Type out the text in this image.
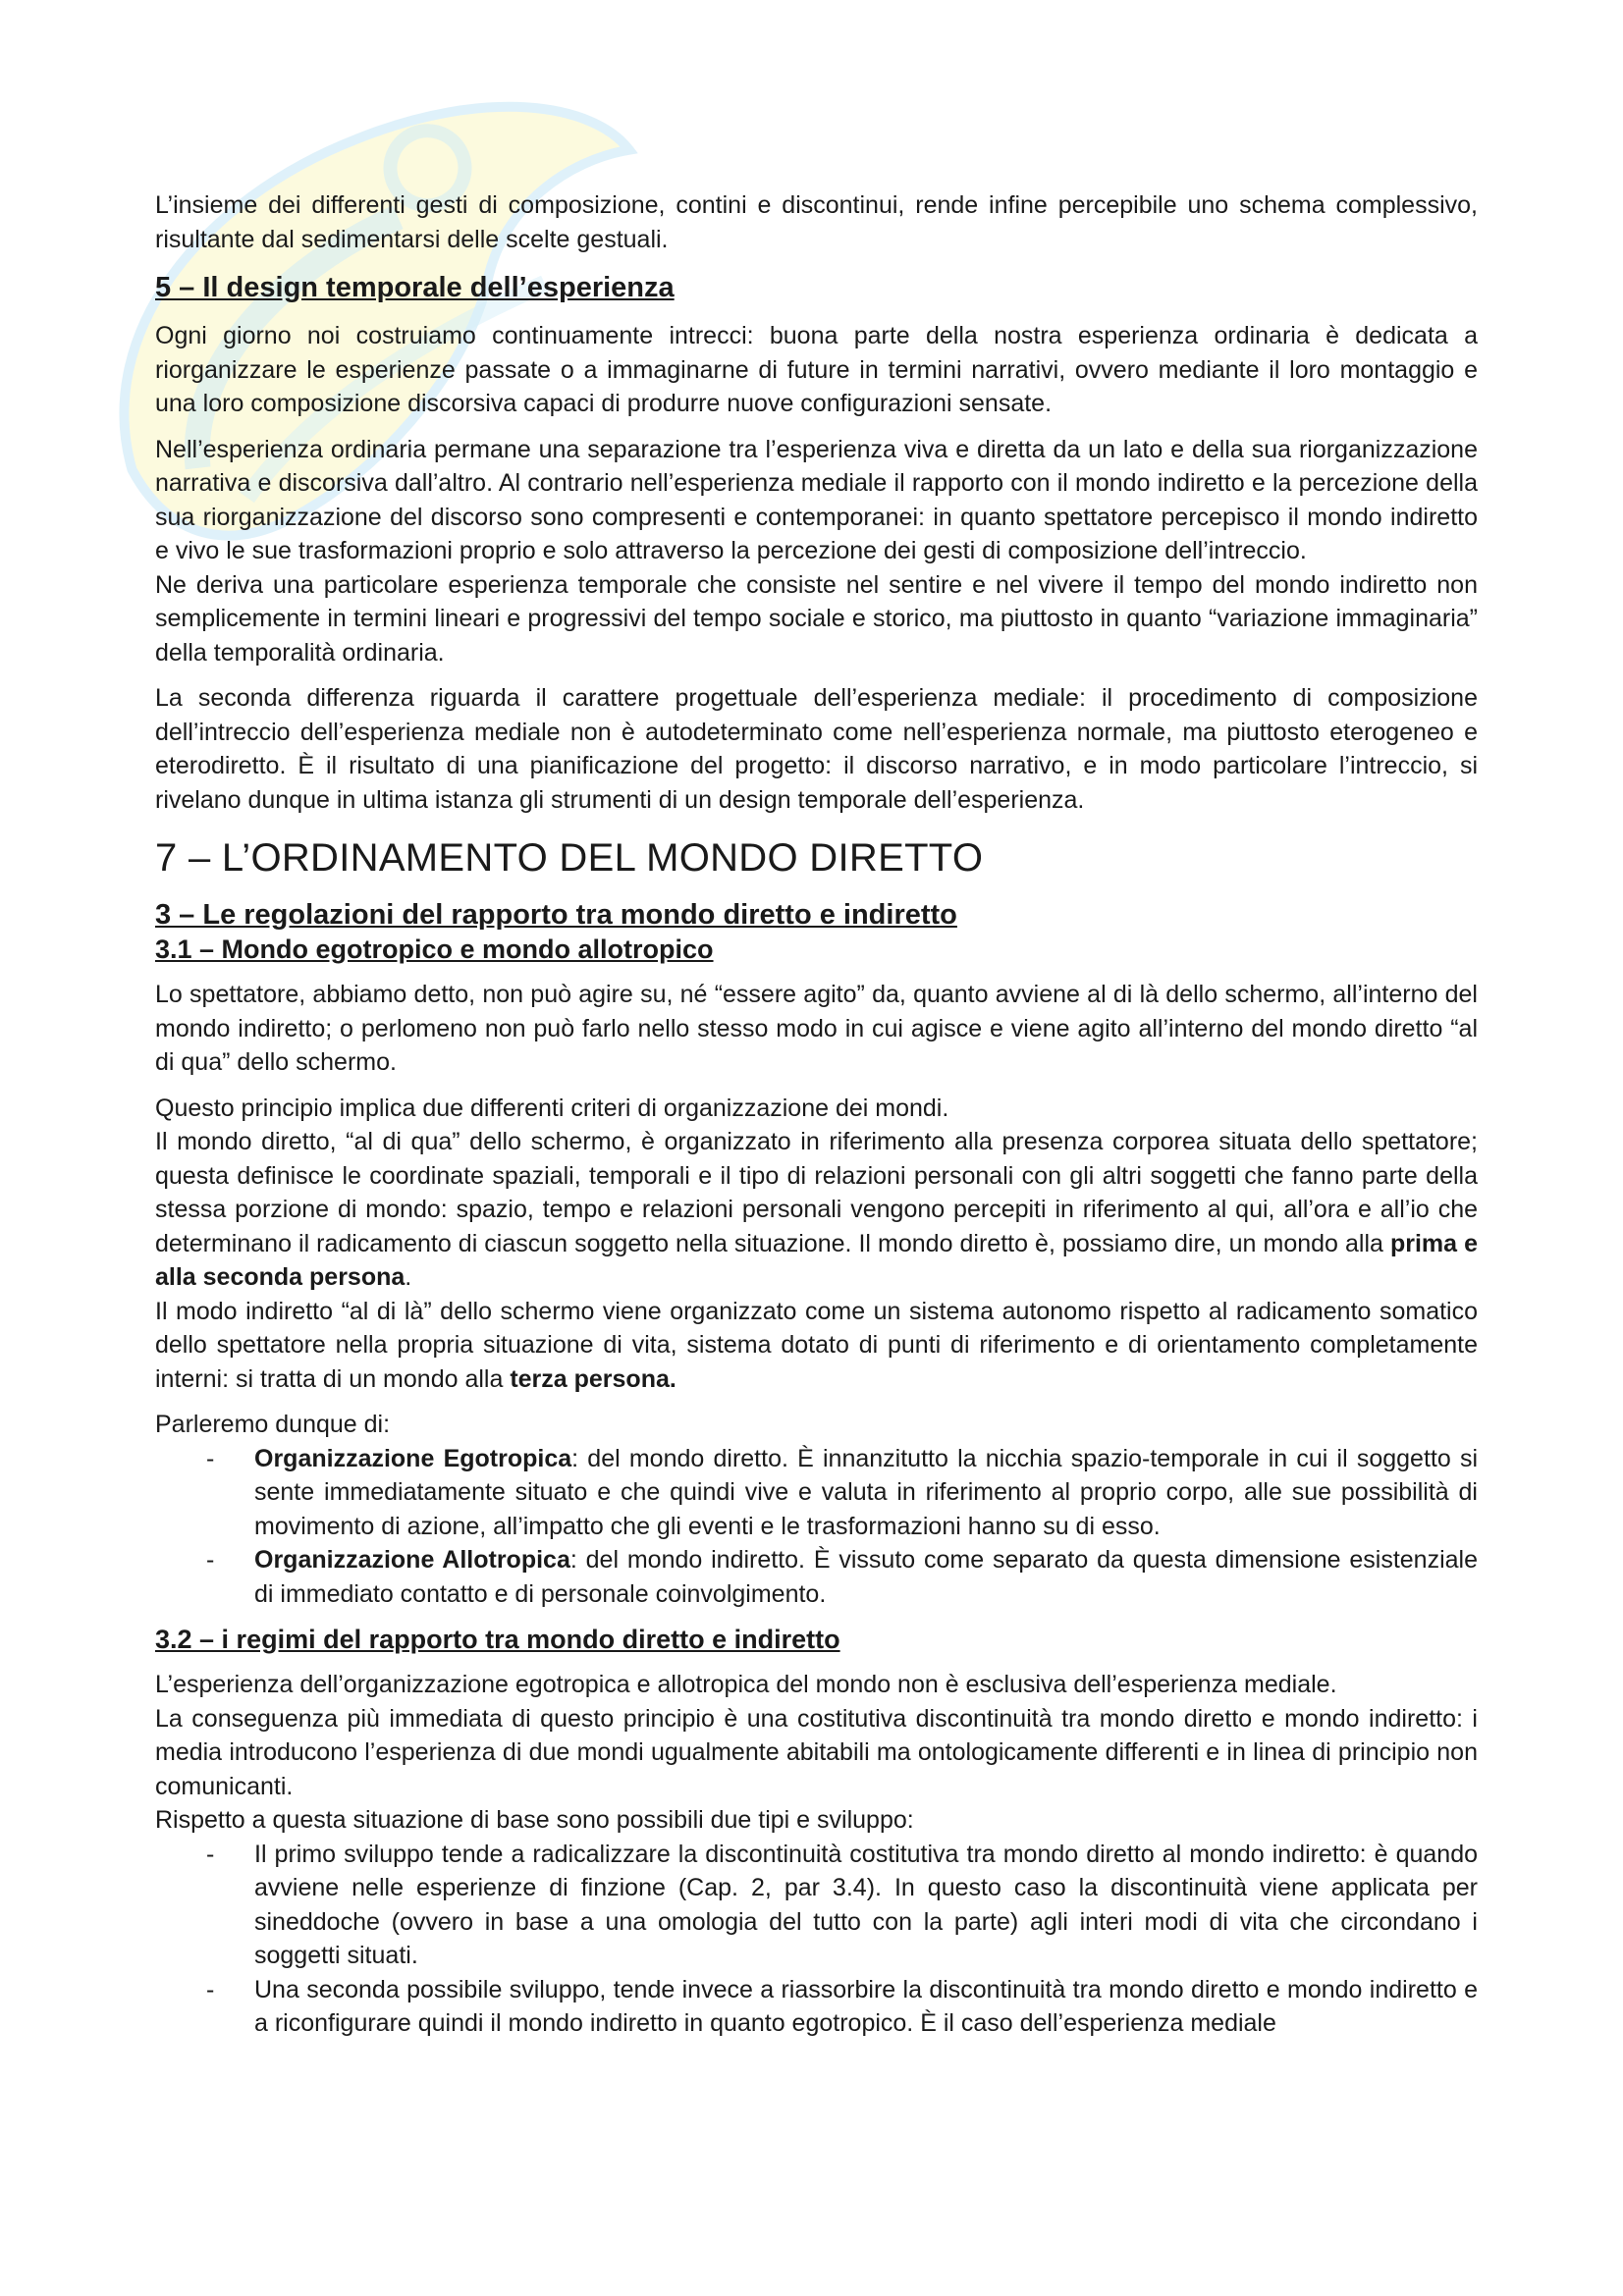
L’insieme dei differenti gesti di composizione, contini e discontinui, rende infine percepibile uno schema complessivo, risultante dal sedimentarsi delle scelte gestuali.

5 – Il design temporale dell’esperienza

Ogni giorno noi costruiamo continuamente intrecci: buona parte della nostra esperienza ordinaria è dedicata a riorganizzare le esperienze passate o a immaginarne di future in termini narrativi, ovvero mediante il loro montaggio e una loro composizione discorsiva capaci di produrre nuove configurazioni sensate.

Nell’esperienza ordinaria permane una separazione tra l’esperienza viva e diretta da un lato e della sua riorganizzazione narrativa e discorsiva dall’altro. Al contrario nell’esperienza mediale il rapporto con il mondo indiretto e la percezione della sua riorganizzazione del discorso sono compresenti e contemporanei: in quanto spettatore percepisco il mondo indiretto e vivo le sue trasformazioni proprio e solo attraverso la percezione dei gesti di composizione dell’intreccio.

Ne deriva una particolare esperienza temporale che consiste nel sentire e nel vivere il tempo del mondo indiretto non semplicemente in termini lineari e progressivi del tempo sociale e storico, ma piuttosto in quanto “variazione immaginaria” della temporalità ordinaria.

La seconda differenza riguarda il carattere progettuale dell’esperienza mediale: il procedimento di composizione dell’intreccio dell’esperienza mediale non è autodeterminato come nell’esperienza normale, ma piuttosto eterogeneo e eterodiretto. È il risultato di una pianificazione del progetto: il discorso narrativo, e in modo particolare l’intreccio, si rivelano dunque in ultima istanza gli strumenti di un design temporale dell’esperienza.

7 – L’ORDINAMENTO DEL MONDO DIRETTO
3 – Le regolazioni del rapporto tra mondo diretto e indiretto
3.1 – Mondo egotropico e mondo allotropico

Lo spettatore, abbiamo detto, non può agire su, né “essere agito” da, quanto avviene al di là dello schermo, all’interno del mondo indiretto; o perlomeno non può farlo nello stesso modo in cui agisce e viene agito all’interno del mondo diretto “al di qua” dello schermo.

Questo principio implica due differenti criteri di organizzazione dei mondi.

Il mondo diretto, “al di qua” dello schermo, è organizzato in riferimento alla presenza corporea situata dello spettatore; questa definisce le coordinate spaziali, temporali e il tipo di relazioni personali con gli altri soggetti che fanno parte della stessa porzione di mondo: spazio, tempo e relazioni personali vengono percepiti in riferimento al qui, all’ora e all’io che determinano il radicamento di ciascun soggetto nella situazione. Il mondo diretto è, possiamo dire, un mondo alla prima e alla seconda persona.

Il modo indiretto “al di là” dello schermo viene organizzato come un sistema autonomo rispetto al radicamento somatico dello spettatore nella propria situazione di vita, sistema dotato di punti di riferimento e di orientamento completamente interni: si tratta di un mondo alla terza persona.

Parleremo dunque di:

- Organizzazione Egotropica: del mondo diretto. È innanzitutto la nicchia spazio-temporale in cui il soggetto si sente immediatamente situato e che quindi vive e valuta in riferimento al proprio corpo, alle sue possibilità di movimento di azione, all’impatto che gli eventi e le trasformazioni hanno su di esso.
- Organizzazione Allotropica: del mondo indiretto. È vissuto come separato da questa dimensione esistenziale di immediato contatto e di personale coinvolgimento.
3.2 – i regimi del rapporto tra mondo diretto e indiretto

L’esperienza dell’organizzazione egotropica e allotropica del mondo non è esclusiva dell’esperienza mediale.

La conseguenza più immediata di questo principio è una costitutiva discontinuità tra mondo diretto e mondo indiretto: i media introducono l’esperienza di due mondi ugualmente abitabili ma ontologicamente differenti e in linea di principio non comunicanti.

Rispetto a questa situazione di base sono possibili due tipi e sviluppo:

- Il primo sviluppo tende a radicalizzare la discontinuità costitutiva tra mondo diretto al mondo indiretto: è quando avviene nelle esperienze di finzione (Cap. 2, par 3.4). In questo caso la discontinuità viene applicata per sineddoche (ovvero in base a una omologia del tutto con la parte) agli interi modi di vita che circondano i soggetti situati.
- Una seconda possibile sviluppo, tende invece a riassorbire la discontinuità tra mondo diretto e mondo indiretto e a riconfigurare quindi il mondo indiretto in quanto egotropico. È il caso dell’esperienza mediale
